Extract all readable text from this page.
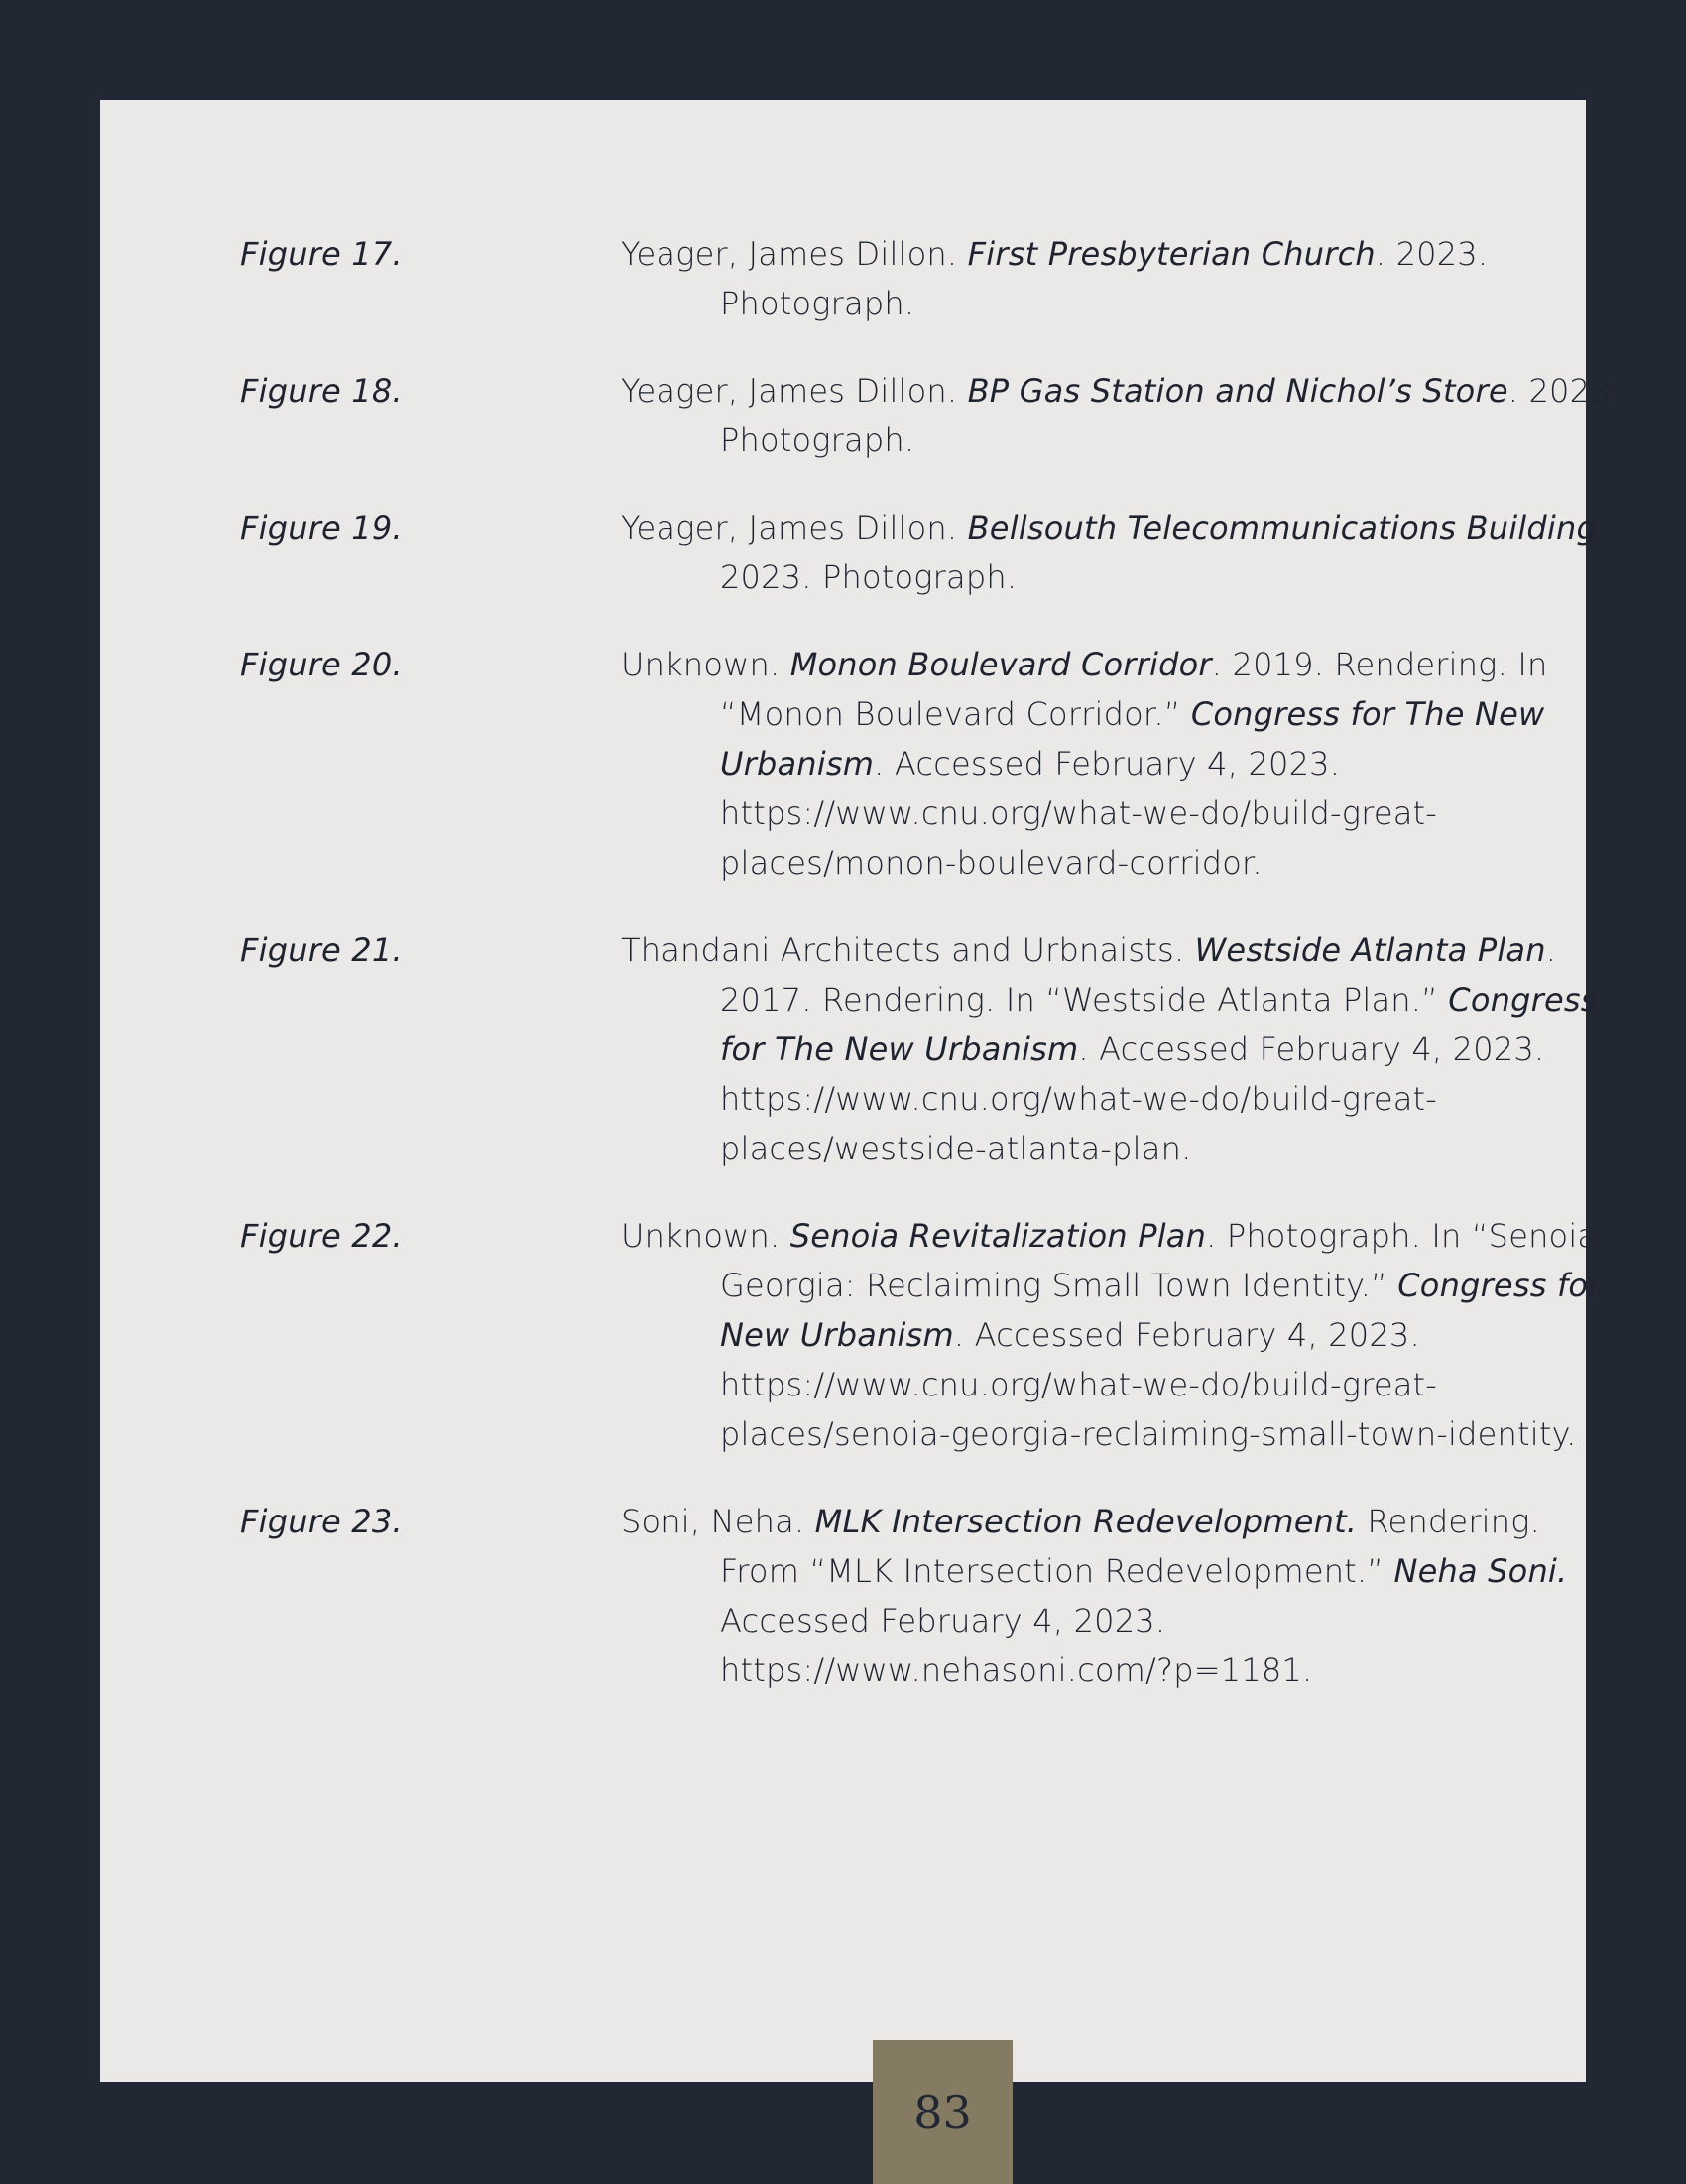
Figure 17.	Yeager, James Dillon. First Presbyterian Church. 2023. Photograph.
Figure 18.	Yeager, James Dillon. BP Gas Station and Nichol’s Store. 2023. Photograph.
Figure 19.	Yeager, James Dillon. Bellsouth Telecommunications Building. 2023. Photograph.
Figure 20.	Unknown. Monon Boulevard Corridor. 2019. Rendering. In “Monon Boulevard Corridor.” Congress for The New Urbanism. Accessed February 4, 2023. https://www.cnu.org/what-we-do/build-great-places/monon-boulevard-corridor.
Figure 21.	Thandani Architects and Urbnaists. Westside Atlanta Plan. 2017. Rendering. In “Westside Atlanta Plan.” Congress for The New Urbanism. Accessed February 4, 2023. https://www.cnu.org/what-we-do/build-great-places/westside-atlanta-plan.
Figure 22.	Unknown. Senoia Revitalization Plan. Photograph. In “Senoia, Georgia: Reclaiming Small Town Identity.” Congress for New Urbanism. Accessed February 4, 2023. https://www.cnu.org/what-we-do/build-great-places/senoia-georgia-reclaiming-small-town-identity.
Figure 23.	Soni, Neha. MLK Intersection Redevelopment. Rendering. From “MLK Intersection Redevelopment.” Neha Soni. Accessed February 4, 2023. https://www.nehasoni.com/?p=1181.
83
